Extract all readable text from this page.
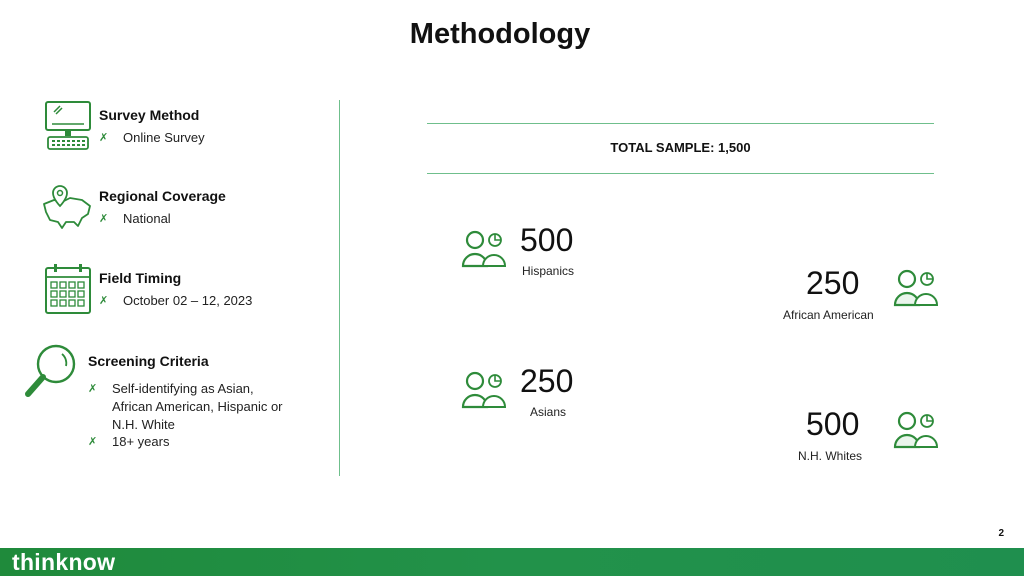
Methodology
Survey Method
✗	Online Survey
Regional Coverage
✗	National
Field Timing
✗	October 02 – 12, 2023
Screening Criteria
✗	Self-identifying as Asian,
African American, Hispanic or
N.H. White
✗	18+ years
TOTAL SAMPLE: 1,500
500
Hispanics	250
African American
250
Asians	500
N.H. Whites
2
thinknow
